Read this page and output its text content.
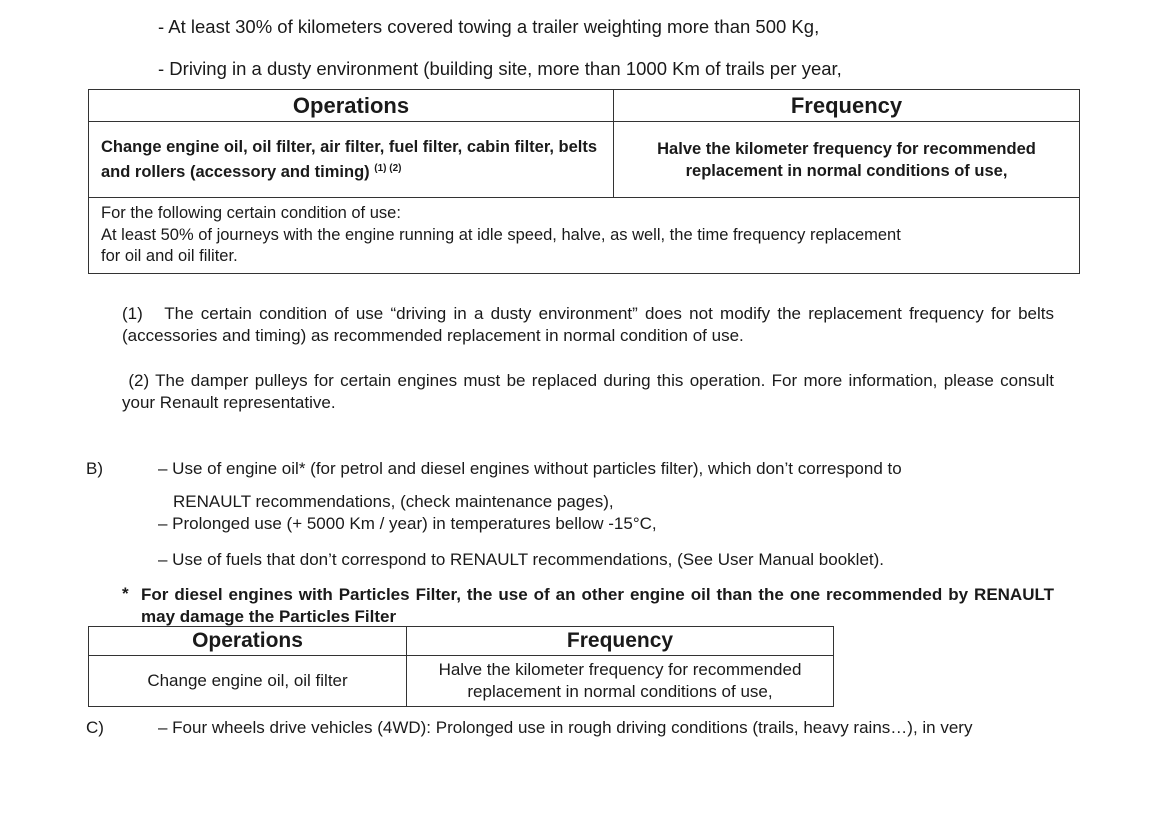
- At least 30% of kilometers covered towing a trailer weighting more than 500 Kg,
- Driving in a dusty environment (building site, more than 1000 Km of trails per year,
Operations	Frequency
Change engine oil, oil filter, air filter, fuel filter, cabin filter, belts and rollers (accessory and timing) $^{(1) (2)}$	Halve the kilometer frequency for recommended replacement in normal conditions of use,

For the following certain condition of use:
At least 50% of journeys with the engine running at idle speed, halve, as well, the time frequency replacement
for oil and oil filiter.	
(1) The certain condition of use “driving in a dusty environment” does not modify the replacement frequency for belts (accessories and timing) as recommended replacement in normal condition of use.
(2) The damper pulleys for certain engines must be replaced during this operation. For more information, please consult your Renault representative.
B)	– Use of engine oil* (for petrol and diesel engines without particles filter), which don’t correspond to
RENAULT recommendations, (check maintenance pages),
– Prolonged use (+ 5000 Km / year) in temperatures bellow -15°C,
– Use of fuels that don’t correspond to RENAULT recommendations, (See User Manual booklet).
* For diesel engines with Particles Filter, the use of an other engine oil than the one recommended by RENAULT may damage the Particles Filter
Operations	Frequency
Change engine oil, oil filter	Halve the kilometer frequency for recommended replacement in normal conditions of use,
C)	– Four wheels drive vehicles (4WD): Prolonged use in rough driving conditions (trails, heavy rains…), in very
